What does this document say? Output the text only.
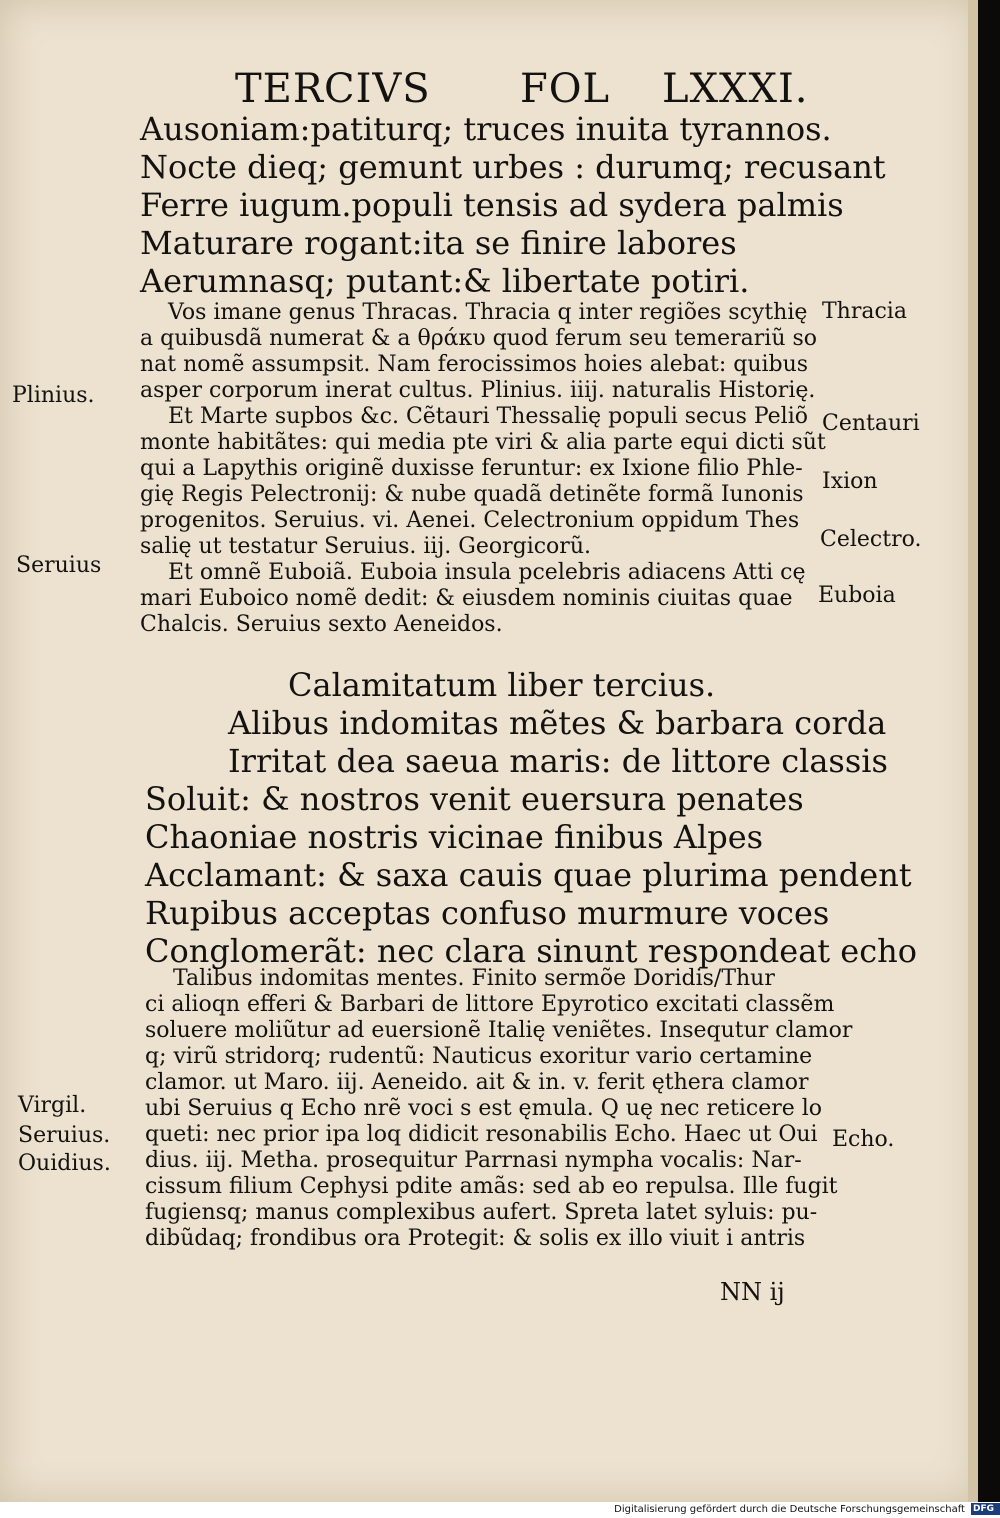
TERCIVS FOL LXXXI.
Ausoniam:patiturq; truces inuita tyrannos.
Nocte dieq; gemunt urbes : durumq; recusant
Ferre iugum.populi tensis ad sydera palmis
Maturare rogant:ita se finire labores
Aerumnasq; putant:& libertate potiri.
Vos imane genus Thracas. Thracia q inter regiões scythię
a quibusdã numerat & a θράκυ quod ferum seu temerariũ so
nat nomẽ assumpsit. Nam ferocissimos hoies alebat: quibus
asper corporum inerat cultus. Plinius. iiij. naturalis Historię.
Et Marte supbos &c. Cẽtauri Thessalię populi secus Peliõ
monte habitãtes: qui media pte viri & alia parte equi dicti sũt
qui a Lapythis originẽ duxisse feruntur: ex Ixione filio Phle-
gię Regis Pelectronij: & nube quadã detinẽte formã Iunonis
progenitos. Seruius. vi. Aenei. Celectronium oppidum Thes
salię ut testatur Seruius. iij. Georgicorũ.
Et omnẽ Euboiã. Euboia insula pcelebris adiacens Atti cę
mari Euboico nomẽ dedit: & eiusdem nominis ciuitas quae
Chalcis. Seruius sexto Aeneidos.
Calamitatum liber tercius.
Alibus indomitas mẽtes & barbara corda
Irritat dea saeua maris: de littore classis
Soluit: & nostros venit euersura penates
Chaoniae nostris vicinae finibus Alpes
Acclamant: & saxa cauis quae plurima pendent
Rupibus acceptas confuso murmure voces
Conglomerãt: nec clara sinunt respondeat echo
Talibus indomitas mentes. Finito sermõe Doridis/Thur
ci alioqn efferi & Barbari de littore Epyrotico excitati classẽm
soluere moliũtur ad euersionẽ Italię veniẽtes. Insequtur clamor
q; virũ stridorq; rudentũ: Nauticus exoritur vario certamine
clamor. ut Maro. iij. Aeneido. ait & in. v. ferit ęthera clamor
ubi Seruius q Echo nrẽ voci s est ęmula. Q uę nec reticere lo
queti: nec prior ipa loq didicit resonabilis Echo. Haec ut Oui
dius. iij. Metha. prosequitur Parrnasi nympha vocalis: Nar-
cissum filium Cephysi pdite amãs: sed ab eo repulsa. Ille fugit
fugiensq; manus complexibus aufert. Spreta latet syluis: pu-
dibũdaq; frondibus ora Protegit: & solis ex illo viuit i antris
NN ij
Plinius.
Seruius
Virgil.
Seruius.
Ouidius.
Thracia
Centauri
Ixion
Celectro.
Euboia
Echo.
Digitalisierung gefördert durch die Deutsche Forschungsgemeinschaft DFG
